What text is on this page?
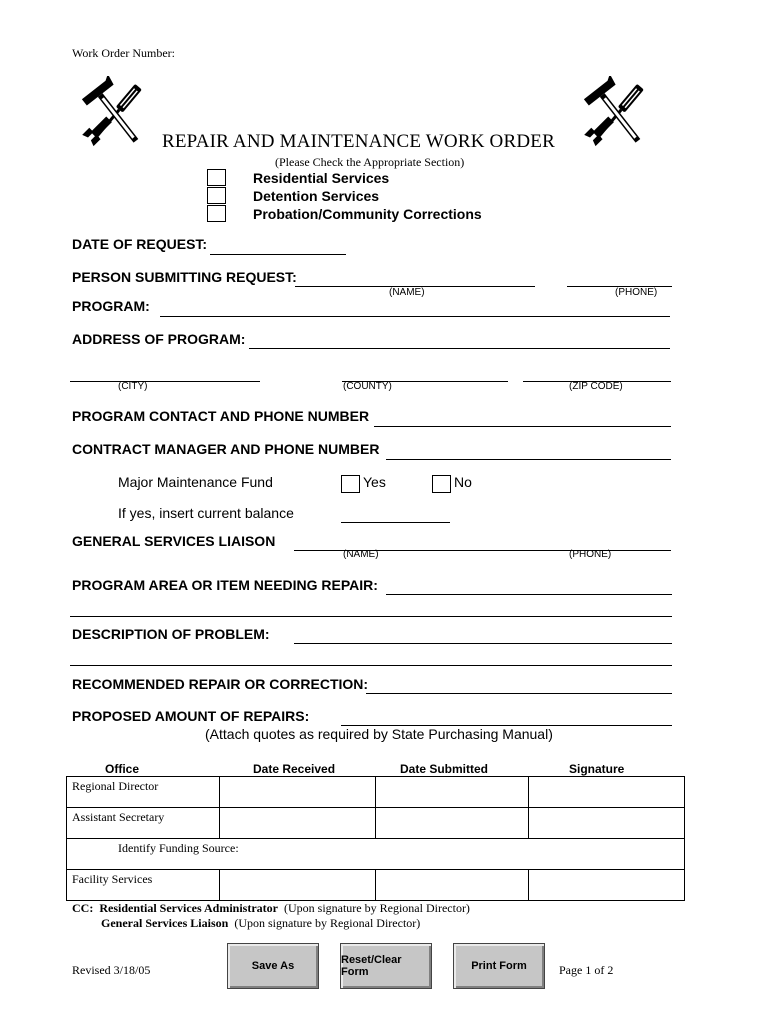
Work Order Number:
REPAIR AND MAINTENANCE WORK ORDER
(Please Check the Appropriate Section)
Residential Services
Detention Services
Probation/Community Corrections
DATE OF REQUEST:
PERSON SUBMITTING REQUEST:
(NAME)	(PHONE)
PROGRAM:
ADDRESS OF PROGRAM:
(CITY)	(COUNTY)	(ZIP CODE)
PROGRAM CONTACT AND PHONE NUMBER
CONTRACT MANAGER AND PHONE NUMBER
Major Maintenance Fund	Yes	No
If yes, insert current balance
GENERAL SERVICES LIAISON
(NAME)	(PHONE)
PROGRAM AREA OR ITEM NEEDING REPAIR:
DESCRIPTION OF PROBLEM:
RECOMMENDED REPAIR OR CORRECTION:
PROPOSED AMOUNT OF REPAIRS:
(Attach quotes as required by State Purchasing Manual)
Office	Date Received	Date Submitted	Signature
Regional Director			
Assistant Secretary			
Identify Funding Source:			
Facility Services			
CC: Residential Services Administrator (Upon signature by Regional Director)
General Services Liaison (Upon signature by Regional Director)
Revised 3/18/05	Save As	Reset/Clear Form	Print Form	Page 1 of 2
